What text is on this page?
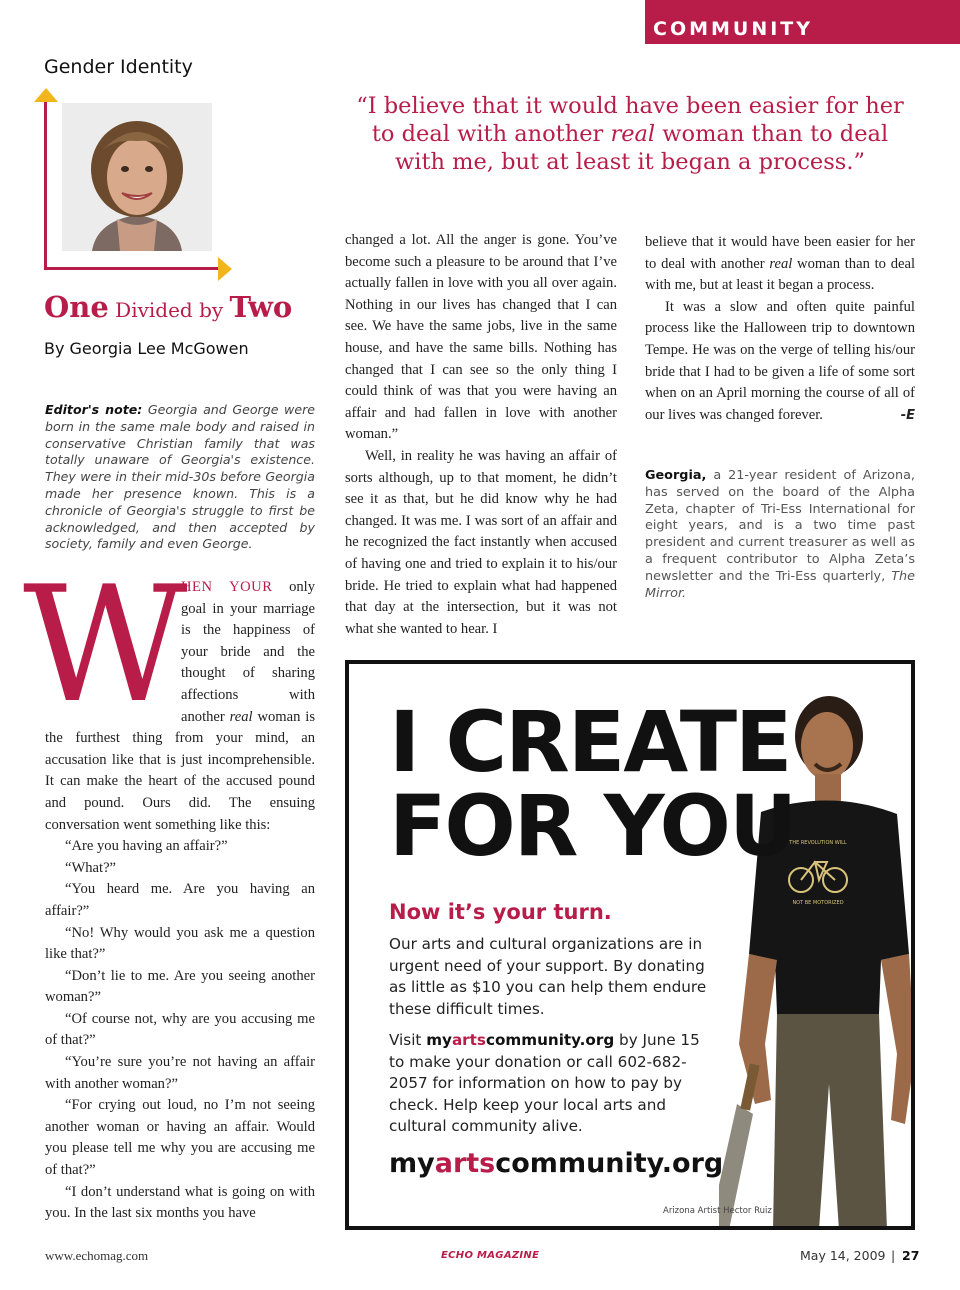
COMMUNITY
Gender Identity
One Divided by Two
By Georgia Lee McGowen
Editor's note: Georgia and George were born in the same male body and raised in conservative Christian family that was totally unaware of Georgia's existence. They were in their mid-30s before Georgia made her presence known. This is a chronicle of Georgia's struggle to first be acknowledged, and then accepted by society, family and even George.
“I believe that it would have been easier for her to deal with another real woman than to deal with me, but at least it began a process.”

W
HEN YOUR only goal in your marriage is the happiness of your bride and the thought of sharing affections with another real woman is the furthest thing from your mind, an accusation like that is just incomprehensible. It can make the heart of the accused pound and pound. Ours did. The ensuing conversation went something like this:

“Are you having an affair?”

“What?”

“You heard me. Are you having an affair?”

“No! Why would you ask me a question like that?”

“Don’t lie to me. Are you seeing another woman?”

“Of course not, why are you accusing me of that?”

“You’re sure you’re not having an affair with another woman?”

“For crying out loud, no I’m not seeing another woman or having an affair. Would you please tell me why you are accusing me of that?”

“I don’t understand what is going on with you. In the last six months you have

changed a lot. All the anger is gone. You’ve become such a pleasure to be around that I’ve actually fallen in love with you all over again. Nothing in our lives has changed that I can see. We have the same jobs, live in the same house, and have the same bills. Nothing has changed that I can see so the only thing I could think of was that you were having an affair and had fallen in love with another woman.”

Well, in reality he was having an affair of sorts although, up to that moment, he didn’t see it as that, but he did know why he had changed. It was me. I was sort of an affair and he recognized the fact instantly when accused of having one and tried to explain it to his/our bride. He tried to explain what had happened that day at the intersection, but it was not what she wanted to hear. I

believe that it would have been easier for her to deal with another real woman than to deal with me, but at least it began a process.

It was a slow and often quite painful process like the Halloween trip to downtown Tempe. He was on the verge of telling his/our bride that I had to be given a life of some sort when on an April morning the course of all of our lives was changed forever.	-E

Georgia, a 21-year resident of Arizona, has served on the board of the Alpha Zeta, chapter of Tri-Ess International for eight years, and is a two time past president and current treasurer as well as a frequent contributor to Alpha Zeta’s newsletter and the Tri-Ess quarterly, The Mirror.
THE REVOLUTION WILL
NOT BE MOTORIZED
I CREATE
FOR YOU
Now it’s your turn.

Our arts and cultural organizations are in urgent need of your support. By donating as little as $10 you can help them endure these difficult times.

Visit myartscommunity.org by June 15 to make your donation or call 602-682-2057 for information on how to pay by check. Help keep your local arts and cultural community alive.

myartscommunity.org
Arizona Artist Hector Ruiz
www.echomag.com	ECHO MAGAZINE	May 14, 2009 | 27
